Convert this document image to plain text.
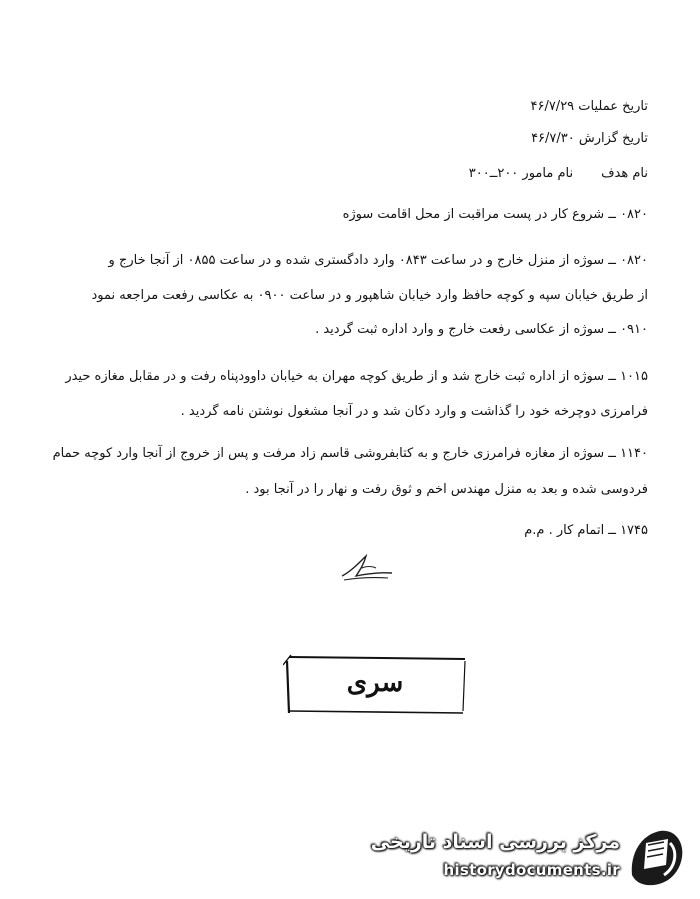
تاریخ عملیات ۴۶/۷/۲۹
تاریخ گزارش ۴۶/۷/۳۰
نام هدفنام مامور ۲۰۰ــ۳۰۰
۰۸۲۰ ــ شروع کار در پست مراقبت از محل اقامت سوژه
۰۸۲۰ ــ سوژه از منزل خارج و در ساعت ۰۸۴۳ وارد دادگستری شده و در ساعت ۰۸۵۵ از آنجا خارج و
از طریق خیابان سپه و کوچه حافظ وارد خیابان شاهپور و در ساعت ۰۹۰۰ به عکاسی رفعت مراجعه نمود
۰۹۱۰ ــ سوژه از عکاسی رفعت خارج و وارد اداره ثبت گردید .
۱۰۱۵ ــ سوژه از اداره ثبت خارج شد و از طریق کوچه مهران به خیابان داوودپناه رفت و در مقابل مغازه حیدر
فرامرزی دوچرخه خود را گذاشت و وارد دکان شد و در آنجا مشغول نوشتن نامه گردید .
۱۱۴۰ ــ سوژه از مغازه فرامرزی خارج و به کتابفروشی قاسم زاد مرفت و پس از خروج از آنجا وارد کوچه حمام
فردوسی شده و بعد به منزل مهندس اخم و ثوق رفت و نهار را در آنجا بود .
۱۷۴۵ ــ اتمام کار . م.م
سری
مرکز بررسی اسناد تاریخی
historydocuments.ir
